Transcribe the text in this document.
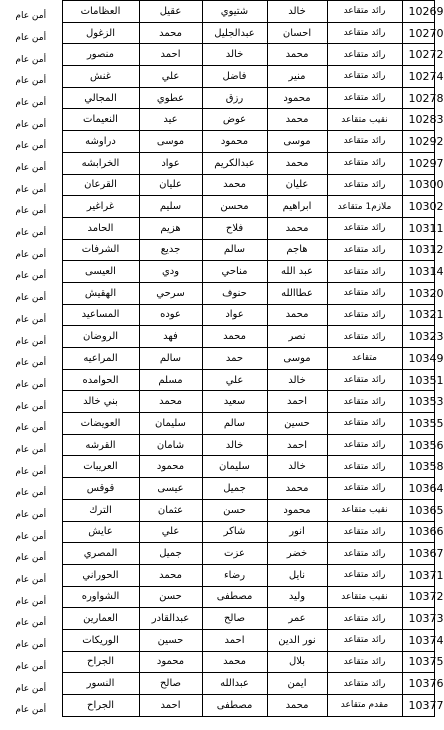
أمن عام	العظامات	عقيل	شتيوي	خالد	رائد متقاعد	10269
أمن عام	الزغول	محمد	عبدالجليل	احسان	رائد متقاعد	10270
أمن عام	منصور	احمد	خالد	محمد	رائد متقاعد	10272
أمن عام	غنش	علي	فاضل	منير	رائد متقاعد	10274
أمن عام	المجالي	عطوي	رزق	محمود	رائد متقاعد	10278
أمن عام	النعيمات	عيد	عوض	محمد	نقيب متقاعد	10283
أمن عام	دراوشه	موسى	محمود	موسى	رائد متقاعد	10292
أمن عام	الخرابشه	عواد	عبدالكريم	محمد	رائد متقاعد	10297
أمن عام	القرعان	عليان	محمد	عليان	رائد متقاعد	10300
أمن عام	غراغير	سليم	محسن	ابراهيم	ملازم1 متقاعد	10302
أمن عام	الحامد	هزيم	فلاح	محمد	رائد متقاعد	10311
أمن عام	الشرفات	جديع	سالم	هاجم	رائد متقاعد	10312
أمن عام	العيسى	ودي	مناحي	عبد الله	رائد متقاعد	10314
أمن عام	الهقيش	سرحي	حنوف	عطاالله	رائد متقاعد	10320
أمن عام	المساعيد	عوده	عواد	محمد	رائد متقاعد	10321
أمن عام	الروضان	فهد	محمد	نصر	رائد متقاعد	10323
أمن عام	المراعيه	سالم	حمد	موسى	متقاعد	10349
أمن عام	الحوامده	مسلم	علي	خالد	رائد متقاعد	10351
أمن عام	بني خالد	محمد	سعيد	احمد	رائد متقاعد	10353
أمن عام	العويضات	سليمان	سالم	حسين	رائد متقاعد	10355
أمن عام	القرشه	شامان	خالد	احمد	رائد متقاعد	10356
أمن عام	العريبات	محمود	سليمان	خالد	رائد متقاعد	10358
أمن عام	قوقس	عيسى	جميل	محمد	رائد متقاعد	10364
أمن عام	الترك	عثمان	حسن	محمود	نقيب متقاعد	10365
أمن عام	عايش	علي	شاكر	انور	رائد متقاعد	10366
أمن عام	المصري	جميل	عزت	خضر	رائد متقاعد	10367
أمن عام	الحوراني	محمد	رضاء	نايل	رائد متقاعد	10371
أمن عام	الشواوره	حسن	مصطفى	وليد	نقيب متقاعد	10372
أمن عام	العمارين	عبدالقادر	صالح	عمر	رائد متقاعد	10373
أمن عام	الوريكات	حسين	احمد	نور الدين	رائد متقاعد	10374
أمن عام	الجراح	محمود	محمد	بلال	رائد متقاعد	10375
أمن عام	النسور	صالح	عبدالله	ايمن	رائد متقاعد	10376
أمن عام	الجراح	احمد	مصطفى	محمد	مقدم متقاعد	10377
